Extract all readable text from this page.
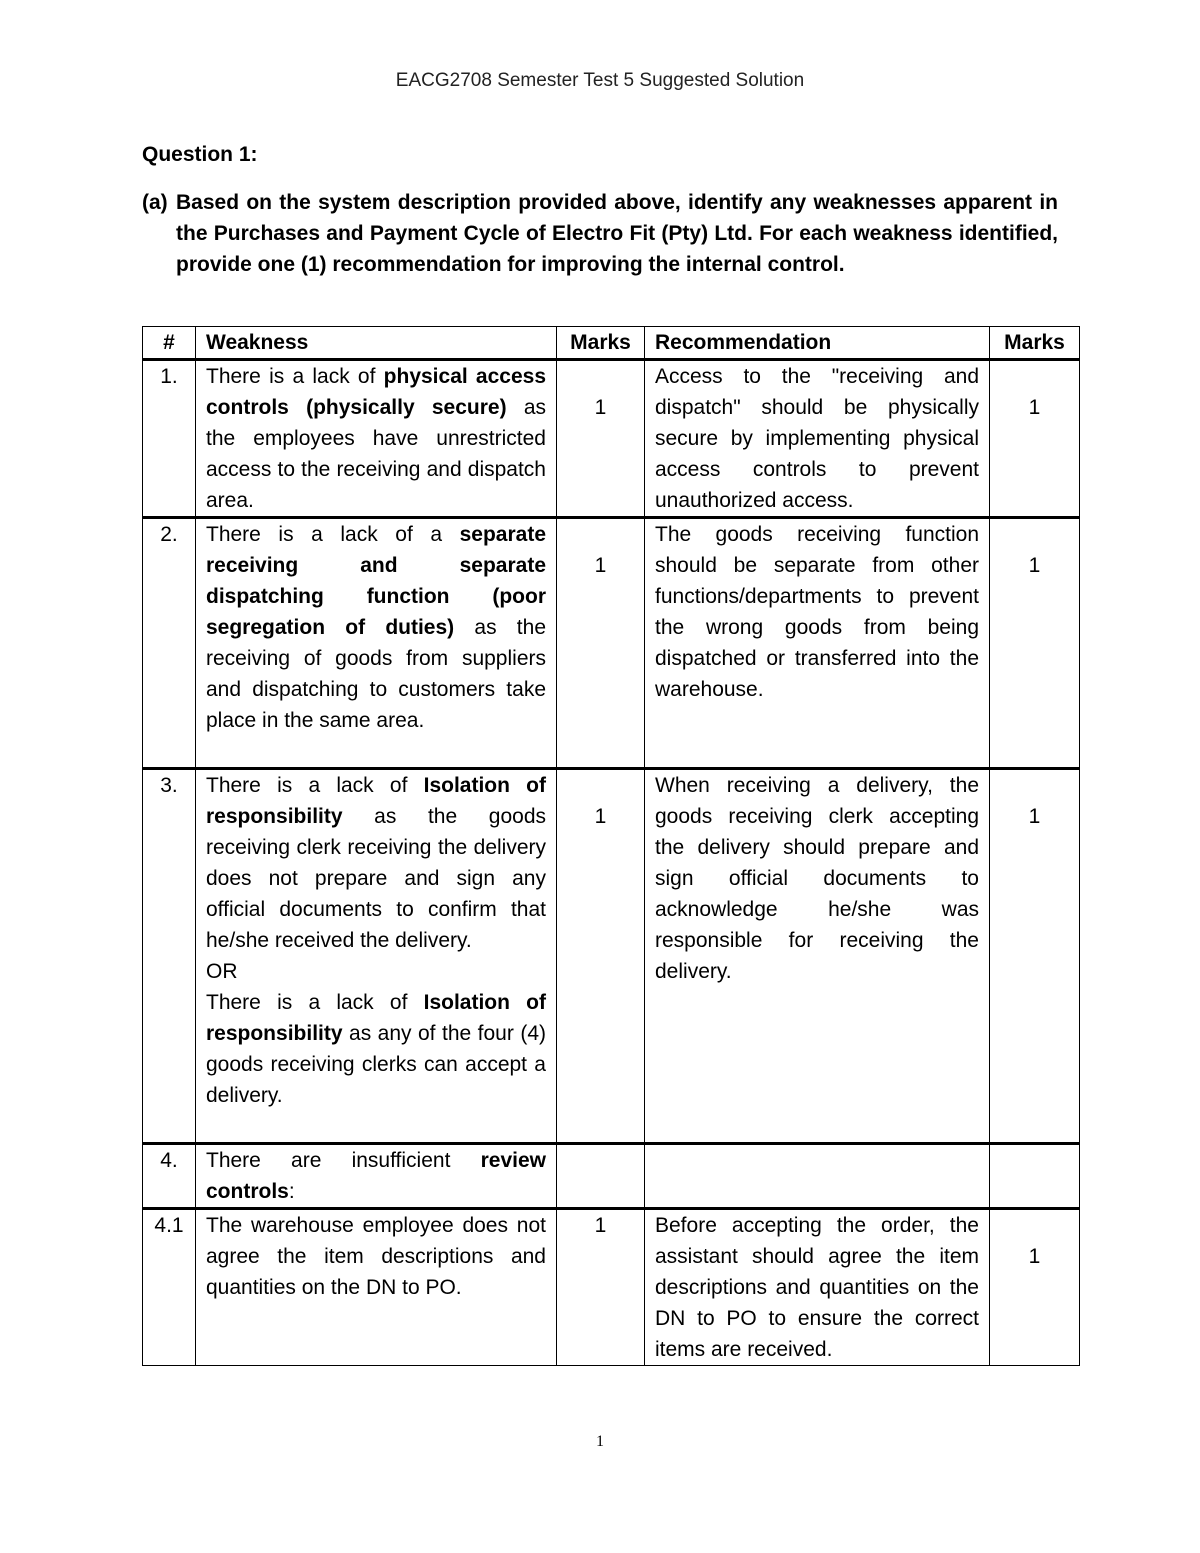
EACG2708 Semester Test 5 Suggested Solution
Question 1:
(a) Based on the system description provided above, identify any weaknesses apparent in the Purchases and Payment Cycle of Electro Fit (Pty) Ltd. For each weakness identified, provide one (1) recommendation for improving the internal control.
#	Weakness	Marks	Recommendation	Marks
1.	There is a lack of physical access controls (physically secure) as the employees have unrestricted access to the receiving and dispatch area.	1	Access to the "receiving and dispatch" should be physically secure by implementing physical access controls to prevent unauthorized access.	1
2.	There is a lack of a separate receiving and separate dispatching function (poor segregation of duties) as the receiving of goods from suppliers and dispatching to customers take place in the same area.	1	The goods receiving function should be separate from other functions/departments to prevent the wrong goods from being dispatched or transferred into the warehouse.	1
3.	There is a lack of Isolation of responsibility as the goods receiving clerk receiving the delivery does not prepare and sign any official documents to confirm that he/she received the delivery.

OR

There is a lack of Isolation of responsibility as any of the four (4) goods receiving clerks can accept a delivery.	1	When receiving a delivery, the goods receiving clerk accepting the delivery should prepare and sign official documents to acknowledge he/she was responsible for receiving the delivery.	1
4.	There are insufficient review controls:			
4.1	The warehouse employee does not agree the item descriptions and quantities on the DN to PO.	1	Before accepting the order, the assistant should agree the item descriptions and quantities on the DN to PO to ensure the correct items are received.	1
1
